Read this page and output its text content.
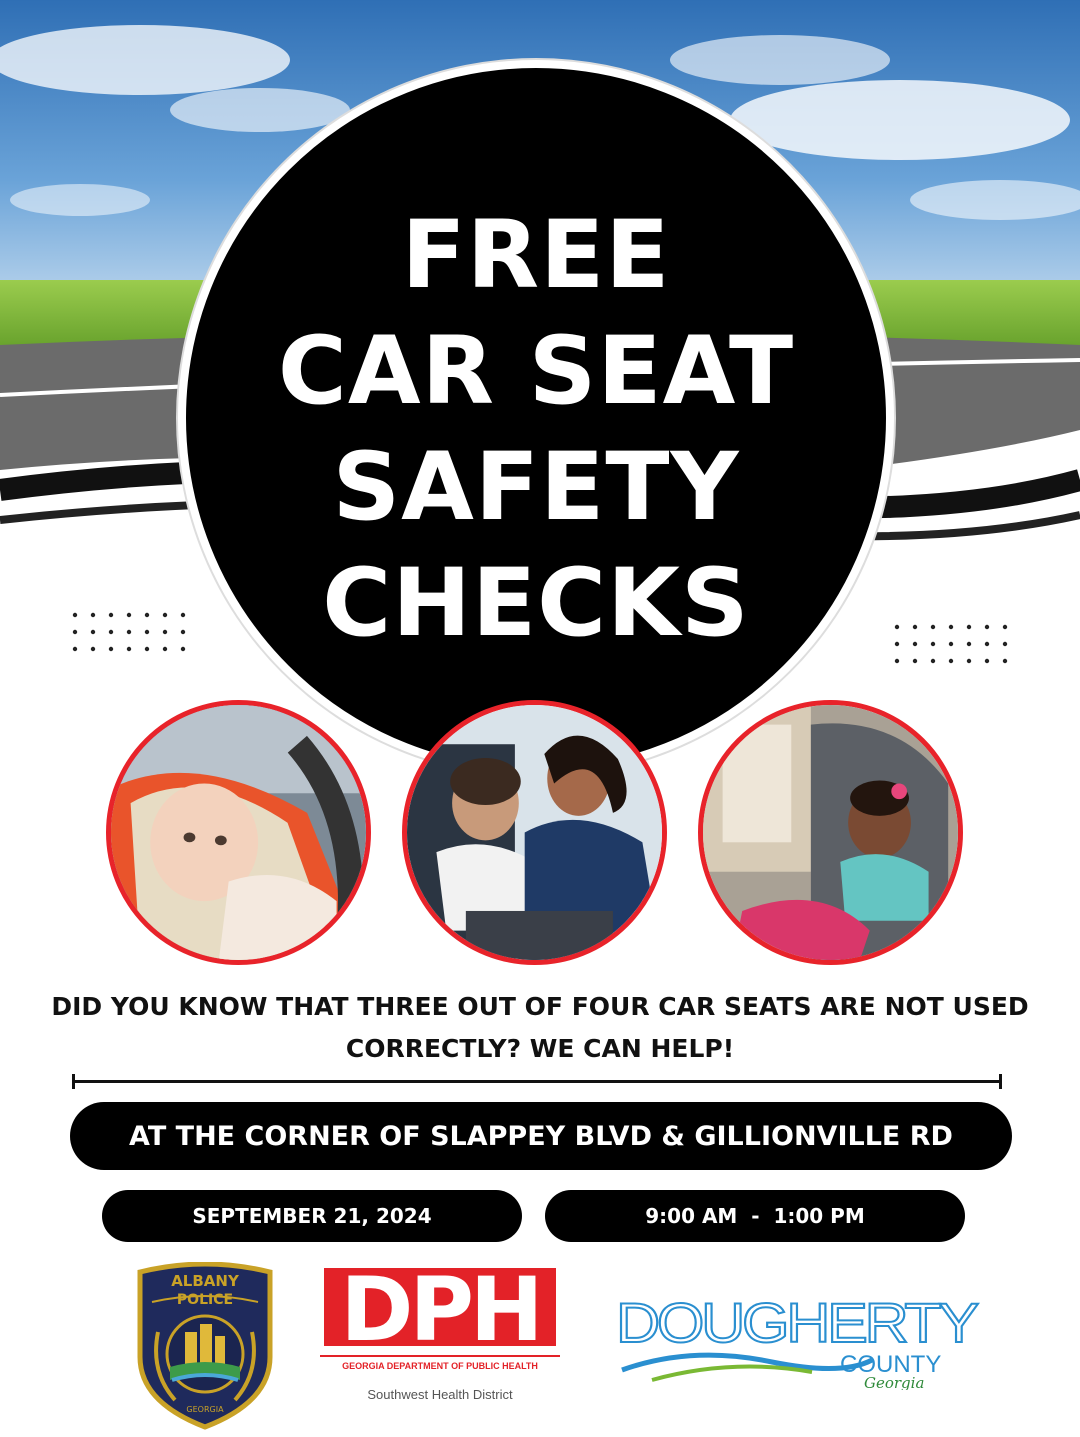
FREE
CAR SEAT
SAFETY
CHECKS
DID YOU KNOW THAT THREE OUT OF FOUR CAR SEATS ARE NOT USED CORRECTLY? WE CAN HELP!
AT THE CORNER OF SLAPPEY BLVD & GILLIONVILLE RD
SEPTEMBER 21, 2024	9:00 AM  -  1:00 PM
ALBANY
POLICE
GEORGIA
DPH
GEORGIA DEPARTMENT OF PUBLIC HEALTH
Southwest Health District
DOUGHERTY
COUNTY
Georgia
